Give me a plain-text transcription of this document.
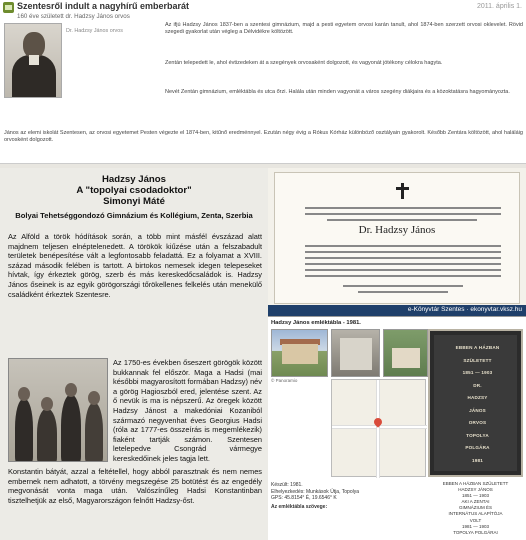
Szentesről indult a nagyhírű emberbarát
160 éve született dr. Hadzsy János orvos
2011. április 1.
Dr. Hadzsy János orvos
Az ifjú Hadzsy János 1837-ben a szentesi gimnázium, majd a pesti egyetem orvosi karán tanult, ahol 1874-ben szerzett orvosi oklevelet. Rövid szegedi gyakorlat után végleg a Délvidékre költözött.
Zentán telepedett le, ahol évtizedeken át a szegények orvosaként dolgozott, és vagyonát jótékony célokra hagyta.
Nevét Zentán gimnázium, emléktábla és utca őrzi. Halála után minden vagyonát a város szegény diákjaira és a közoktatásra hagyományozta.
János az elemi iskolát Szentesen, az orvosi egyetemet Pesten végezte el 1874-ben, kitűnő eredménnyel. Ezután négy évig a Rókus Kórház különböző osztályain gyakorolt. Később Zentára költözött, ahol haláláig orvosként dolgozott.
Hadzsy János
A "topolyai csodadoktor"
Simonyi Máté
Bolyai Tehetséggondozó Gimnázium és Kollégium, Zenta, Szerbia
Az Alföld a török hódítások során, a több mint másfél évszázad alatt majdnem teljesen elnéptelenedett. A törökök kiűzése után a felszabadult területek benépesítése vált a legfontosabb feladattá. Ez a folyamat a XVIII. század második felében is tartott. A birtokos nemesek idegen telepeseket hívtak, így érkeztek görög, szerb és más kereskedőcsaládok is. Hadzsy János őseinek is az egyik görögországi tőrökellenes felkelés után menekülő családként érkeztek Szentesre.
Az 1750-es években őseszert görögök között bukkannak fel először. Maga a Hadsi (mai későbbi magyarosított formában Hadzsy) név a görög Hagioszból ered, jelentése szent. Az ő nevük is ma is népszerű. Az öregek között Hadzsy Jánost a makedóniai Kozaniból származó negyvenhat éves Georgius Hadsi (róla az 1777-es összeírás is megemlékezik) fiaként tartják számon. Szentesen letelepedve Csongrád vármegye kereskedőinek jeles tagja lett.
Konstantin bátyát, azzal a feltétellel, hogy abból parasztnak és nem nemes embernek nem adhatott, a törvény megszegése 25 botütést és az engedély megvonását vonta maga után. Valószínűleg Hadsi Konstantinban tisztelhetjük az első, Magyarországon felnőtt Hadzsy-őst.
Dr. Hadzsy János
e-Könyvtár Szentes · ekonyvtar.vksz.hu
Hadzsy János emléktábla - 1981.
© Panoramio
EBBEN A HÁZBAN
SZÜLETETT
1851 — 1903
DR.
HADZSY
JÁNOS
ORVOS
TOPOLYA
POLGÁRA
1981
Készült: 1981.
Elhelyezkedés: Munkások Útja, Topolya
GPS: 45.8154° É, 19.6546° K
Az emléktábla szövege:
EBBEN A HÁZBAN SZÜLETETT
HADZSY JÁNOS
1851 — 1903
AKI A ZENTAI
GIMNÁZIUM ÉS
INTERNÁTUS ALAPÍTÓJA
VOLT
1981 — 1903
TOPOLYA POLGÁRAI
